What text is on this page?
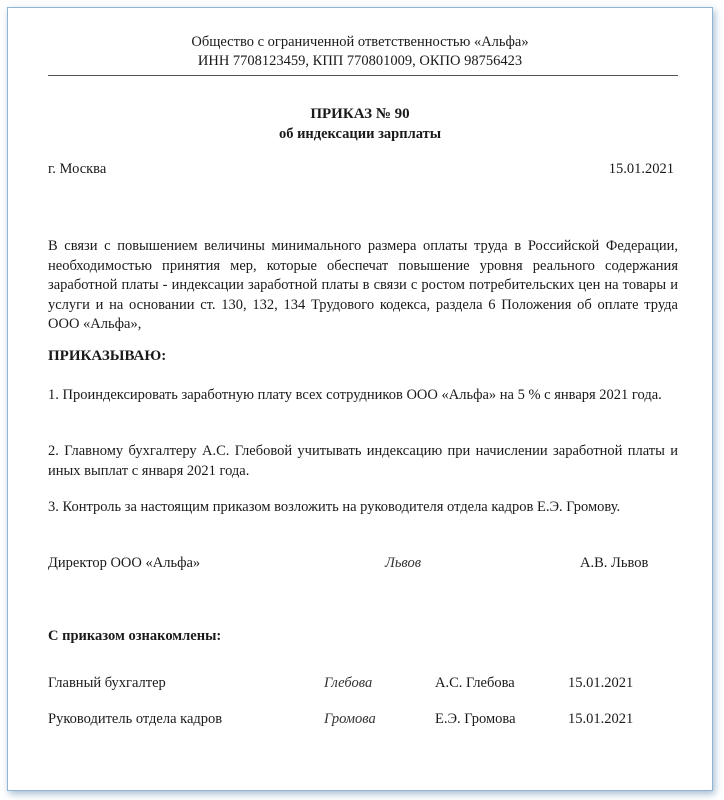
Общество с ограниченной ответственностью «Альфа»
ИНН 7708123459, КПП 770801009, ОКПО 98756423
ПРИКАЗ № 90
об индексации зарплаты
г. Москва	15.01.2021
В связи с повышением величины минимального размера оплаты труда в Российской Федерации, необходимостью принятия мер, которые обеспечат повышение уровня реального содержания заработной платы - индексации заработной платы в связи с ростом потребительских цен на товары и услуги и на основании ст. 130, 132, 134 Трудового кодекса, раздела 6 Положения об оплате труда ООО «Альфа»,
ПРИКАЗЫВАЮ:
1. Проиндексировать заработную плату всех сотрудников ООО «Альфа» на 5 % с января 2021 года.
2. Главному бухгалтеру А.С. Глебовой учитывать индексацию при начислении заработной платы и иных выплат с января 2021 года.
3. Контроль за настоящим приказом возложить на руководителя отдела кадров Е.Э. Громову.
Директор ООО «Альфа»	Львов	А.В. Львов
С приказом ознакомлены:
Главный бухгалтер	Глебова	А.С. Глебова	15.01.2021
Руководитель отдела кадров	Громова	Е.Э. Громова	15.01.2021
